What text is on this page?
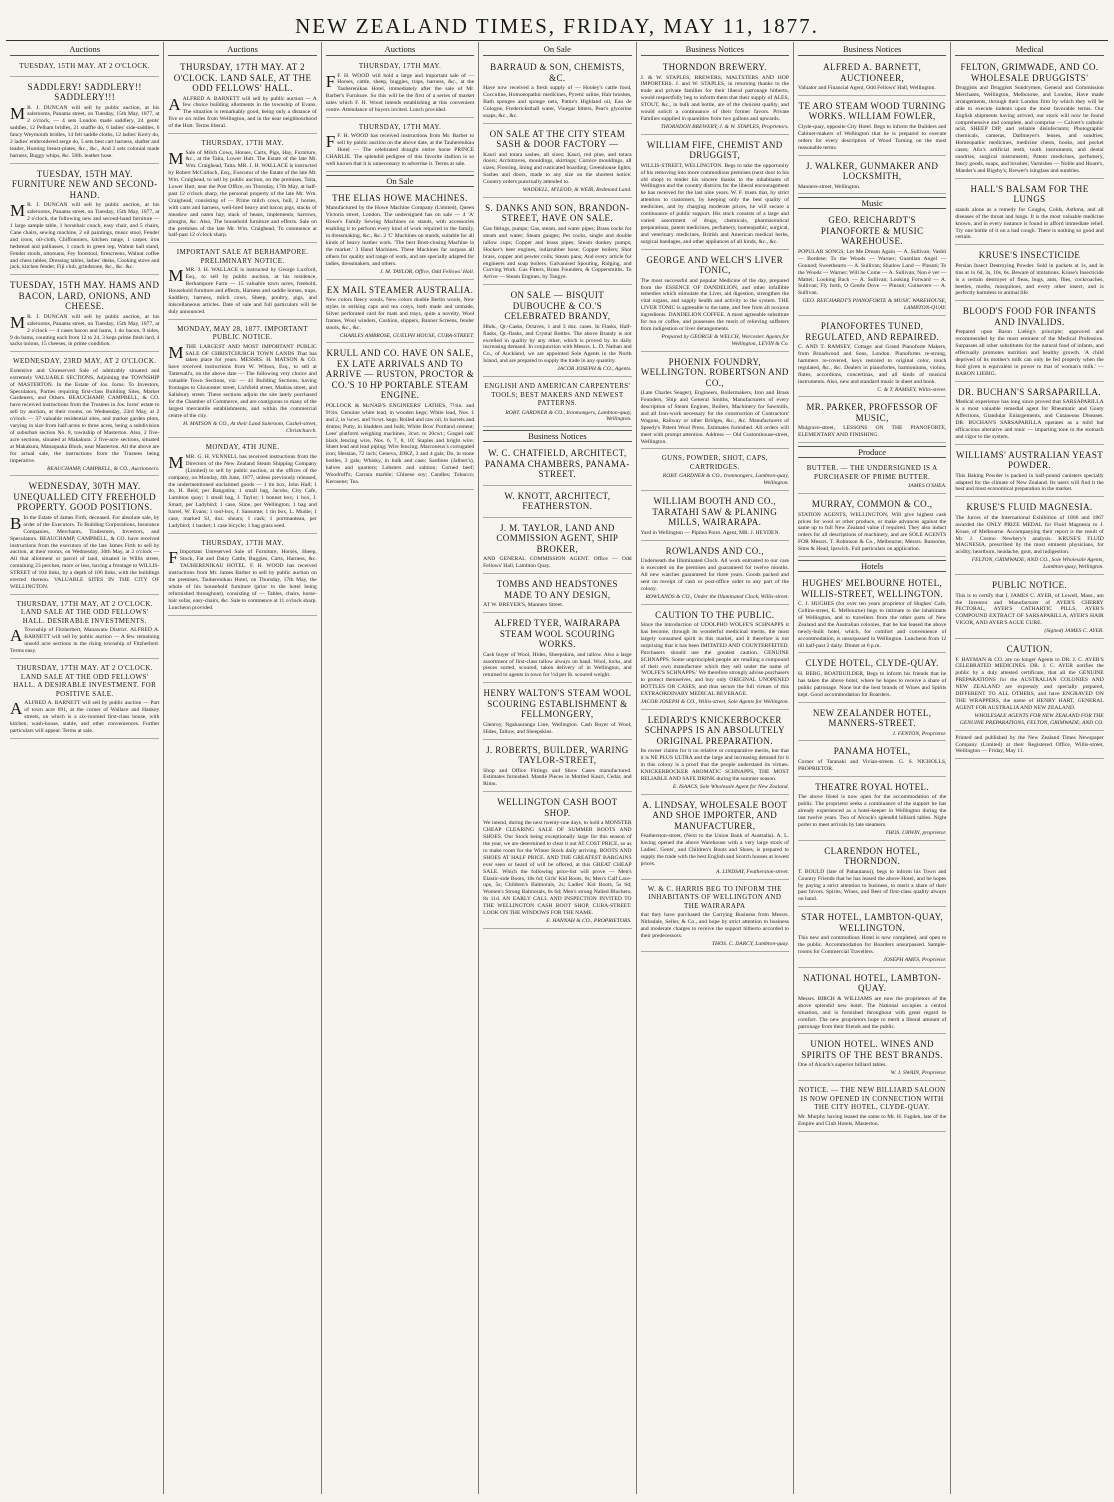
NEW ZEALAND TIMES, FRIDAY, MAY 11, 1877.
Auctions
TUESDAY, 15TH MAY. AT 2 O'CLOCK.
SADDLERY! SADDLERY!! SADDLERY!!!
M R. J. DUNCAN will sell by public auction, at his salerooms, Panama street, on Tuesday, 15th May, 1877, at 2 o'clock, — 4 sets London made saddlery, 24 gents' saddles, 12 Pelham bridles, 21 snaffle do, 6 ladies' side-saddles, 6 fancy Weymouth bridles, 14 felt saddle cloths, 12 ladies' Kerry do, 2 ladies' embroidered serge do, 5 sets best cart harness, shafter and leader, Hunting breast-plates, &c., &c., And 2 sets colonial made harness, Buggy whips, &c. 50lb. leather hose.
TUESDAY, 15TH MAY. FURNITURE NEW AND SECOND-HAND.
M R. J. DUNCAN will sell by public auction, at his salerooms, Panama street, on Tuesday, 15th May, 1877, at 2 o'clock, the following new and second-hand furniture — 1 large sample table, 1 horsehair couch, easy chair, and 5 chairs, Cane chairs, sewing machine, 2 oil paintings, music stool, Fender and irons, oil-cloth, Chiffonniers, kitchen range, 1 carpet, iron bedstead and palliasses, 1 couch in green rep, Walnut hall stand, Fender stools, ottomans, Fey footstool, firescreens, Walnut coffee and chess tables, Dressing tables, ladies' desks, Cooking stove and jack, kitchen fender, Fiji club, grindstone, &c., &c. &c.
TUESDAY, 15TH MAY. HAMS AND BACON, LARD, ONIONS, AND CHEESE.
M R. J. DUNCAN will sell by public auction, at his salerooms, Panama street, on Tuesday, 15th May, 1877, at 2 o'clock — 4 cases bacon and hams, 1 do bacon, 9 sides, 9 do hams, counting each from 12 to 24, 3 kegs prime fresh lard, 4 sacks onions, 15 cheeses, in prime condition.
WEDNESDAY, 23RD MAY, AT 2 O'CLOCK.
Extensive and Unreserved Sale of admirably situated and extremely VALUABLE SECTIONS, Adjoining the TOWNSHIP of MASTERTON. In the Estate of Jos. Iorns. To Investors, Speculators, Parties requiring first-class Building Sites, Market Gardeners, and Others. BEAUCHAMP, CAMPBELL, & CO. have received instructions from the Trustees in Jos. Iorns' estate to sell by auction, at their rooms, on Wednesday, 23rd May, at 2 o'clock — 37 valuable residential sites, and market garden plots, varying in size from half-acres to three acres, being a subdivision of suburban section No. 8, township of Masterton. Also, 2 five-acre sections, situated at Makakura. 2 five-acre sections, situated at Makakura, Manaquaka Block, near Masterton. All the above are for actual sale, the instructions from the Trustees being imperative.
BEAUCHAMP, CAMPBELL, & CO., Auctioneers.
WEDNESDAY, 30TH MAY. UNEQUALLED CITY FREEHOLD PROPERTY. GOOD POSITIONS.
B In the Estate of James Firth, deceased. For absolute sale, by order of the Executors. To Building Corporations, Insurance Companies, Merchants, Tradesmen, Investors, and Speculators. BEAUCHAMP, CAMPBELL, & CO. have received instructions from the executors of the late James Firth to sell by auction, at their rooms, on Wednesday, 30th May, at 2 o'clock — All that allotment or parcel of land, situated in Willis street, containing 23 perches, more or less, having a frontage to WILLIS-STREET of 104 links, by a depth of 106 links, with the buildings erected thereon. VALUABLE SITES IN THE CITY OF WELLINGTON.
THURSDAY, 17TH MAY, AT 2 O'CLOCK. LAND SALE AT THE ODD FELLOWS' HALL. DESIRABLE INVESTMENTS.
A Township of Fitzherbert, Manawatu District. ALFRED A. BARNETT will sell by public auction — A few remaining unsold acre sections in the rising township of Fitzherbert. Terms easy.
THURSDAY, 17TH MAY. AT 2 O'CLOCK. LAND SALE AT THE ODD FELLOWS' HALL. A DESIRABLE INVESTMENT. FOR POSITIVE SALE.
A ALFRED A. BARNETT will sell by public auction — Part of town acre 691, at the corner of Wallace and Hankey streets, on which is a six-roomed first-class house, with kitchen, wash-house, stable, and other conveniences. Further particulars will appear. Terms at sale.
Auctions
THURSDAY, 17TH MAY. AT 2 O'CLOCK. LAND SALE, AT THE ODD FELLOWS' HALL.
A ALFRED A. BARNETT will sell by public auction — A few choice building allotments in the township of Evans. The situation is remarkably good, being only a distance of five or six miles from Wellington, and in the near neighbourhood of the Hutt. Terms liberal.
THURSDAY, 17TH MAY.
M Sale of Milch Cows, Horses, Carts, Pigs, Hay, Furniture, &c., at the Taita, Lower Hutt. The Estate of the late Mr. Wm. Craighead, Taita. MR. J. H. WALLACE is instructed by Robert McCulloch, Esq., Executor of the Estate of the late Mr. Wm. Craighead, to sell by public auction, on the premises, Taita, Lower Hutt, near the Post Office, on Thursday, 17th May, at half-past 12 o'clock sharp, the personal property of the late Mr. Wm. Craighead, consisting of — Prime milch cows, bull, 2 horses, with carts and harness, well-bred heavy and bacon pigs, stacks of meadow and oaten hay, stack of beans, implements, harrows, ploughs, &c. Also, The household furniture and effects. Sale on the premises of the late Mr. Wm. Craighead, To commence at half-past 12 o'clock sharp.
IMPORTANT SALE AT BERHAMPORE. PRELIMINARY NOTICE.
M MR. J. H. WALLACE is instructed by George Luxford, Esq., to sell by public auction, at his residence, Berhampore Farm — 15 valuable town acres, freehold, Household furniture and effects, Harness and saddle horses, traps, Saddlery, harness, milch cows, Sheep, poultry, pigs, and miscellaneous articles. Date of sale and full particulars will be duly announced.
MONDAY, MAY 28, 1877. IMPORTANT PUBLIC NOTICE.
M THE LARGEST AND MOST IMPORTANT PUBLIC SALE OF CHRISTCHURCH TOWN LANDS That has taken place for years. MESSRS. H. MATSON & CO. have received instructions from W. Wilson, Esq., to sell at Tattersall's, on the above date — The following very choice and valuable Town Sections, viz: — 41 Building Sections, having frontages to Gloucester street, Lichfield street, Madras street, and Salisbury street. These sections adjoin the site lately purchased for the Chamber of Commerce, and are contiguous to many of the largest mercantile establishments, and within the commercial centre of the city.
H. MATSON & CO., At their Land Saleroom, Cashel-street, Christchurch.
MONDAY, 4TH JUNE.
M MR. G. H. VENNELL has received instructions from the Directors of the New Zealand Steam Shipping Company (Limited) to sell by public auction, at the offices of the company, on Monday, 4th June, 1877, unless previously released, the undermentioned unclaimed goods — 1 tin box, John Hall; 1 do, H. Reid, per Rangatira; 1 small bag, Jacobs, City Cafe, Lambton quay; 1 small bag, J. Taylor; 1 bonnet box; 1 box, J. Smart, per Ladybird; 1 case, Sime, per Wellington; 1 bag and barrel, W. Evans; 1 tool-box, J. Sansome; 1 tin box, L. Mudie; 1 case, marked SJ, doz. shears; 1 cask; 1 portmanteau, per Ladybird; 1 basket; 1 case bicycle; 1 bag grass seed.
THURSDAY, 17TH MAY.
F Important Unreserved Sale of Furniture, Horses, Sheep, Stock, Fat and Dairy Cattle, Buggies, Carts, Harness, &c. TAUHERENIKAU HOTEL. F. H. WOOD has received instructions from Mr. James Barber to sell by public auction on the premises, Tauherenikau Hotel, on Thursday, 17th May, the whole of his household furniture (prior to the hotel being refurnished throughout), consisting of — Tables, chairs, horse-hair sofas, easy-chairs, &c. Sale to commence at 11 o'clock sharp. Luncheon provided.
Auctions
THURSDAY, 17TH MAY.
F F. H. WOOD will hold a large and important sale of — Horses, cattle, sheep, buggies, traps, harness, &c., at the Tauherenikau Hotel, immediately after the sale of Mr. Barber's Furniture. So this will be the first of a series of market sales which F. H. Wood intends establishing at this convenient centre. Attendance of buyers invited. Lunch provided.
THURSDAY, 17TH MAY.
F F. H. WOOD has received instructions from Mr. Barber to sell by public auction on the above date, at the Tauherenikau Hotel — The celebrated draught entire horse PRINCE CHARLIE. The splendid pedigree of this favorite stallion is so well known that it is unnecessary to advertise it. Terms at sale.
On Sale
THE ELIAS HOWE MACHINES.
Manufactured by the Howe Machine Company (Limited), Queen Victoria street, London. The undersigned has on sale — 4 'A' Howe's Family Sewing Machines on stands, with accessories enabling it to perform every kind of work required in the family, in dressmaking, &c., &c. 2 'C' Machines on stands, suitable for all kinds of heavy leather work. 'The best Boot-closing Machine in the market.' 3 Hand Machines. These Machines far surpass all others for quality and range of work, and are specially adapted for ladies, dressmakers, and others.
J. M. TAYLOR, Office, Odd Fellows' Hall.
EX MAIL STEAMER AUSTRALIA.
New colors fleecy wools, New colors double Berlin wools, New styles in striking caps and tea cosys, both made and unmade, Silver perforated card for mats and trays, quite a novelty, Wool frames, Wool winders, Cushion, slippers, Banner Screens, fender stools, &c., &c.
CHARLES AMBROSE, GUELPH HOUSE, CUBA-STREET.
KRULL AND CO. HAVE ON SALE, EX LATE ARRIVALS AND TO ARRIVE — RUSTON, PROCTOR & CO.'S 10 HP PORTABLE STEAM ENGINE.
POLLOCK & McNAB'S ENGINEERS' LATHES, 7½in. and 9½in. Genuine white lead, in wooden kegs; White lead, Nos. 1 and 2, in ¼cwt. and ½cwt. kegs; Boiled and raw oil, in barrels and drums; Putty, in bladders and bulk; White Bros' Portland cement; Lees' platform weighing machines, 3cwt. to 20cwt.; Gospel oak' black fencing wire, Nos. 6, 7, 8, 10; Staples and bright wire; Sheet lead and lead piping; Wire fencing; Marconeux's corrugated iron; Hessian, 72 inch; Geneva, JDKZ, 3 and 4 gals; Do, in stone bottles, 2 gals; Whisky, in bulk and case; Sardines (Jalbert's), halves and quarters; Lobsters and salmon; Corned beef; Woodruff's; Carrara marble; Chinese soy; Candles; Tobacco; Kerosene; Tea.
On Sale
BARRAUD & SON, CHEMISTS, &C.
Have now received a fresh supply of — Hooley's cattle food, Cocculine, Homoeopathic medicines, Pyretic saline, Hair brushes, Bath sponges and sponge nets, Pattie's Highland oil, Eau de Cologne, Fredericksthall water, Vinegar bitters, Pear's glycerine soaps, &c., &c.
ON SALE AT THE CITY STEAM SASH & DOOR FACTORY —
Kauri and totara sashes, all sizes; Kauri, red pine, and totara doors; Architraves, mouldings, skirtings; Cornice mouldings, all sizes; Flooring, lining and rusticated boarding; Greenhouse lights; Sashes and doors, made to any size on the shortest notice. Country orders punctually attended to.
WADDELL, M'LEOD, & WEIR, Redmond Land.
S. DANKS AND SON, BRANDON-STREET, HAVE ON SALE.
Gas fittings, pumps; Gas, steam, and water pipes; Brass cocks for steam and water; Steam gauges; Pet cocks, single and double tallow cups; Copper and brass pipes; Steam donkey pumps; Hocker's beer engines, indiarubber hose; Copper boilers; Shot brass, copper and pewter coils; Steam pans; And every article for engineers and soap boilers. Galvanised Spouting, Ridging, and Curving Work. Gas Fitters, Brass Founders, & Coppersmiths. To Arrive — Steam Engines, by Tangye.
ON SALE — BISQUIT DUBOUCHE & CO.'S CELEBRATED BRANDY,
Hhds., Qr.-Casks, Octaves, 1 and 3 doz. cases. In Flasks, Half-flasks, Qr.-flasks, and Crystal Bottles. The above Brandy is not excelled in quality by any other, which is proved by its daily increasing demand. In conjunction with Messrs. L. D. Nathan and Co., of Auckland, we are appointed Sole Agents in the North Island, and are prepared to supply the trade in any quantity.
JACOB JOSEPH & CO., Agents.
ENGLISH AND AMERICAN CARPENTERS' TOOLS; BEST MAKERS AND NEWEST PATTERNS.
ROBT. GARDNER & CO., Ironmongers, Lambton-quay, Wellington.
Business Notices
W. C. CHATFIELD, ARCHITECT, PANAMA CHAMBERS, PANAMA-STREET.
W. KNOTT, ARCHITECT, FEATHERSTON.
J. M. TAYLOR, LAND AND COMMISSION AGENT, SHIP BROKER,
AND GENERAL COMMISSION AGENT. Office — Odd Fellows' Hall, Lambton Quay.
TOMBS AND HEADSTONES MADE TO ANY DESIGN,
AT W. BREYER'S, Manners Street.
ALFRED TYER, WAIRARAPA STEAM WOOL SCOURING WORKS.
Cash buyer of Wool, Hides, Sheepskins, and tallow. Also a large assortment of first-class tallow always on hand. Wool, locks, and pieces sorted, scoured, taken delivery of in Wellington, and returned to agents in town for ½d per lb. scoured weight.
HENRY WALTON'S STEAM WOOL SCOURING ESTABLISHMENT & FELLMONGERY,
Glenroy, Ngahauranga Line, Wellington. Cash Buyer of Wool, Hides, Tallow, and Sheepskins.
J. ROBERTS, BUILDER, WARING TAYLOR-STREET,
Shop and Office Fittings and Show Cases manufactured. Estimates furnished. Mantle Pieces in Mottled Kauri, Cedar, and Rimu.
WELLINGTON CASH BOOT SHOP.
We intend, during the next twenty-one days, to hold a MONSTER CHEAP CLEARING SALE OF SUMMER BOOTS AND SHOES. Our Stock being exceptionally large for this season of the year, we are determined to clear it out AT COST PRICE, so as to make room for the Winter Stock daily arriving. BOOTS AND SHOES AT HALF PRICE. AND THE GREATEST BARGAINS ever seen or heard of will be offered, at this GREAT CHEAP SALE. Which the following price-list will prove — Men's Elastic-side Boots, 10s 6d; Girls' Kid Boots, 6s; Men's Calf Lace-ups, 5s; Children's Balmorals, 2s; Ladies' Kid Boots, 5s 6d; Women's Strong Balmorals, 6s 6d; Men's strong Nailed Bluchers, 8s 11d. AN EARLY CALL AND INSPECTION INVITED TO THE WELLINGTON CASH BOOT SHOP, CUBA-STREET. LOOK ON THE WINDOWS FOR THE NAME.
E. HANNAH & CO., PROPRIETORS.
Business Notices
THORNDON BREWERY.
J. & W. STAPLES, BREWERS, MALTSTERS AND HOP IMPORTERS. J. and W. STAPLES, in returning thanks to the trade and private families for their liberal patronage hitherto, would respectfully beg to inform them that their supply of ALES, STOUT, &c., in bulk and bottle, are of the choicest quality, and would solicit a continuance of their former favors. Private Families supplied in quantities from two gallons and upwards.
THORNDON BREWERY, J. & W. STAPLES, Proprietors.
WILLIAM FIFE, CHEMIST AND DRUGGIST,
WILLIS-STREET, WELLINGTON. Begs to take the opportunity of his removing into more commodious premises (next door to his old shop) to tender his sincere thanks to the inhabitants of Wellington and the country districts for the liberal encouragement he has received for the last nine years. W. F. trusts that, by strict attention to customers, by keeping only the best quality of medicines, and by charging moderate prices, he will secure a continuance of public support. His stock consists of a large and varied assortment of drugs, chemicals, pharmaceutical preparations, patent medicines, perfumery, homeopathic, surgical, and veterinary medicines, British and American medical herbs, surgical bandages, and other appliances of all kinds, &c., &c.
GEORGE AND WELCH'S LIVER TONIC,
The most successful and popular Medicine of the day, prepared from the ESSENCE OF DANDELION, and other infallible remedies which stimulate the Liver, aid digestion, strengthen the vital organs, and supply health and activity to the system. THE LIVER TONIC is agreeable to the taste, and free from all noxious ingredients. DANDELION COFFEE. A most agreeable substitute for tea or coffee, and possesses the merit of relieving sufferers from indigestion or liver derangements.
Prepared by GEORGE & WELCH, Worcester. Agents for Wellington, LEVIN & Co.
PHOENIX FOUNDRY, WELLINGTON. ROBERTSON AND CO.,
(Late Charles Seager), Engineers, Boilermakers, Iron and Brass Founders, Ship and General Smiths, Manufacturers of every description of Steam Engines, Boilers, Machinery for Sawmills, and all Iron-work necessary for the construction of Contractors' Wagons, Railway or other Bridges, &c., &c. Manufacturers of Speedy's Patent Wool Press. Estimates furnished. All orders will meet with prompt attention. Address — Old Customhouse-street, Wellington.
GUNS, POWDER, SHOT, CAPS, CARTRIDGES.
ROBT. GARDNER & CO., Ironmongers, Lambton-quay, Wellington.
WILLIAM BOOTH AND CO., TARATAHI SAW & PLANING MILLS, WAIRARAPA.
Yard in Wellington — Pipitea Point. Agent, MR. J. HEYDEN.
ROWLANDS AND CO.,
Underneath the Illuminated Clock. All work entrusted to our care is executed on the premises and guaranteed for twelve months. All new watches guaranteed for three years. Goods packed and sent on receipt of cash or post-office order to any part of the colony.
ROWLANDS & CO., Under the Illuminated Clock, Willis-street.
CAUTION TO THE PUBLIC.
Since the introduction of UDOLPHO WOLFE'S SCHNAPPS it has become, through its wonderful medicinal merits, the most largely consumed spirit in this market, and it therefore is not surprising that it has been IMITATED AND COUNTERFEITED. Purchasers should use the greatest caution. GENUINE SCHNAPPS. Some unprincipled people are retailing a compound of their own manufacture which they sell under the name of 'WOLFE'S SCHNAPPS.' We therefore strongly advise purchasers to protect themselves, and buy only ORIGINAL UNOPENED BOTTLES OR CASES, and thus secure the full virtues of this EXTRAORDINARY MEDICAL BEVERAGE.
JACOB JOSEPH & CO., Willis-street, Sole Agents for Wellington.
LEDIARD'S KNICKERBOCKER SCHNAPPS IS AN ABSOLUTELY ORIGINAL PREPARATION.
Its owner claims for it no relative or comparative merits, but that it is NE PLUS ULTRA and the large and increasing demand for it in this colony is a proof that the people understand its virtues. KNICKERBOCKER AROMATIC SCHNAPPS, THE MOST RELIABLE AND SAFE DRINK during the summer season.
E. ISAACS, Sole Wholesale Agent for New Zealand.
A. LINDSAY, WHOLESALE BOOT AND SHOE IMPORTER, AND MANUFACTURER,
Featherston-street, (Next to the Union Bank of Australia). A. L. having opened the above Warehouse with a very large stock of Ladies', Gents', and Children's Boots and Shoes, is prepared to supply the trade with the best English and Scotch houses at lowest prices.
A. LINDSAY, Featherston-street.
W. & C. HARRIS BEG TO INFORM THE INHABITANTS OF WELLINGTON AND THE WAIRARAPA
that they have purchased the Carrying Business from Messrs. Nithsdale, Seller, & Co., and hope by strict attention to business and moderate charges to receive the support hitherto accorded to their predecessors.
THOS. C. DARCY, Lambton-quay.
Business Notices
ALFRED A. BARNETT, AUCTIONEER,
Valuator and Financial Agent, Odd Fellows' Hall, Wellington.
TE ARO STEAM WOOD TURNING WORKS. WILLIAM FOWLER,
Clyde-quay, opposite City Hotel. Begs to inform the Builders and Cabinet-makers of Wellington that he is prepared to execute orders for every description of Wood Turning on the most reasonable terms.
J. WALKER, GUNMAKER AND LOCKSMITH,
Manners-street, Wellington.
Music
GEO. REICHARDT'S PIANOFORTE & MUSIC WAREHOUSE.
POPULAR SONGS: Let Me Dream Again — A. Sullivan; Vashti — Bordese; To the Woods — Warner; Guardian Angel — Gounod; Sweethearts — A. Sullivan; Shadow Land — Pinsuti; To the Woods — Warner; Will he Come — A. Sullivan; Non è ver — Mattei; Looking Back — A. Sullivan; Looking Forward — A. Sullivan; Fly forth, O Gentle Dove — Pinsuti; Guinevere — A. Sullivan.
GEO. REICHARDT'S PIANOFORTE & MUSIC WAREHOUSE, LAMBTON-QUAY.
PIANOFORTES TUNED, REGULATED, AND REPAIRED.
C. AND T. RAMSEY, Cottage and Grand Pianoforte Makers, from Broadwood and Sons, London. Pianofortes re-strung, hammers re-covered, keys restored to original color, touch regulated, &c., &c. Dealers in pianofortes, harmoniums, violins, flutes, accordions, concertinas, and all kinds of musical instruments. Also, new and standard music in sheet and book.
C. & T. RAMSEY, Willis-street.
MR. PARKER, PROFESSOR OF MUSIC,
Mulgrave-street, LESSONS ON THE PIANOFORTE, ELEMENTARY AND FINISHING.
Produce
BUTTER. — THE UNDERSIGNED IS A PURCHASER OF PRIME BUTTER.
JAMES O'SHEA.
MURRAY, COMMON & CO.,
STATION AGENTS, WELLINGTON, Will give highest cash prices for wool or other produce, or make advances against the same up to full New Zealand value if required. They also induct orders for all descriptions of machinery, and are SOLE AGENTS FOR Messrs. T. Robinson & Co., Melbourne; Messrs. Ransome, Sims & Head, Ipswich. Full particulars on application.
Hotels
HUGHES' MELBOURNE HOTEL, WILLIS-STREET, WELLINGTON.
C. J. HUGHES (for over ten years proprietor of Hughes' Cafe, Collins-street, E. Melbourne) begs to intimate to the inhabitants of Wellington, and to travellers from the other parts of New Zealand and the Australian colonies, that he has leased the above newly-built hotel, which, for comfort and convenience of accommodation, is unsurpassed in Wellington. Luncheon from 12 till half-past 2 daily. Dinner at 6 p.m.
CLYDE HOTEL, CLYDE-QUAY.
H. BERG, BOATBUILDER, Begs to inform his friends that he has taken the above hotel, where he hopes to receive a share of public patronage. None but the best brands of Wines and Spirits kept. Good accommodation for Boarders.
NEW ZEALANDER HOTEL, MANNERS-STREET.
J. FENTON, Proprietor.
PANAMA HOTEL,
Corner of Taranaki and Vivian-streets. G. S. NICHOLLS, PROPRIETOR.
THEATRE ROYAL HOTEL.
The above Hotel is now open for the accommodation of the public. The proprietor seeks a continuance of the support he has already experienced as a hotel-keeper in Wellington during the last twelve years. Two of Alcock's splendid billiard tables. Night porter to meet arrivals by late steamers.
THOS. URWIN, proprietor.
CLARENDON HOTEL, THORNDON.
T. BOULD (late of Pahautanui), begs to inform his Town and Country Friends that he has leased the above Hotel, and he hopes by paying a strict attention to business, to merit a share of their past favors. Spirits, Wines, and Beer of first-class quality always on hand.
STAR HOTEL, LAMBTON-QUAY, WELLINGTON.
This new and commodious Hotel is now completed, and open to the public. Accommodation for Boarders unsurpassed. Sample-rooms for Commercial Travellers.
JOSEPH AMES, Proprietor.
NATIONAL HOTEL, LAMBTON-QUAY.
Messrs. BIRCH & WILLIAMS are now the proprietors of the above splendid new hotel. The National occupies a central situation, and is furnished throughout with great regard to comfort. The new proprietors hope to merit a liberal amount of patronage from their friends and the public.
UNION HOTEL. WINES AND SPIRITS OF THE BEST BRANDS.
One of Alcock's superior billiard tables.
W. J. SWAIN, Proprietor.
NOTICE. — THE NEW BILLIARD SALOON IS NOW OPENED IN CONNECTION WITH THE CITY HOTEL, CLYDE-QUAY.
Mr. Murphy having leased the same to Mr. H. Fagden, late of the Empire and Club Hotels, Masterton.
Medical
FELTON, GRIMWADE, AND CO. WHOLESALE DRUGGISTS'
Druggists and Druggists Sundrymen, General and Commission Merchants, Wellington, Melbourne, and London, Have made arrangements, through their London firm by which they will be able to execute indents upon the most favorable terms. Our English shipments having arrived, our stock will now be found comprehensive and complete, and comprise — Calvert's carbolic acid, SHEEP DIP, and reliable disinfectants; Photographic chemicals, cameras, Dallmeyer's lenses, and sundries; Homeopathic medicines, medicine chests, books, and pocket cases; Alix's artificial teeth, tooth instruments, and dental sundries, surgical instruments; Patent medicines, perfumery, fancy goods, soaps, and brushes; Varnishes — Noble and Hoare's, Mander's and Bigsby's; Brewer's isinglass and sundries.
HALL'S BALSAM FOR THE LUNGS
stands alone as a remedy for Coughs, Colds, Asthma, and all diseases of the throat and lungs. It is the most valuable medicine known, and in every instance is found to afford immediate relief. Try one bottle of it on a bad cough. There is nothing so good and certain.
KRUSE'S INSECTICIDE
Persian Insect Destroying Powder. Sold in packets at 1s, and in tins at 1s 6d, 3s, 10s, 6s. Beware of imitations. Kruse's Insecticide is a certain destroyer of fleas, bugs, ants, flies, cockroaches, beetles, moths, mosquitoes, and every other insect, and is perfectly harmless to animal life.
BLOOD'S FOOD FOR INFANTS AND INVALIDS.
Prepared upon Baron Liebig's principle; approved and recommended by the most eminent of the Medical Profession. Surpasses all other substitutes for the natural food of infants, and effectually promotes nutrition and healthy growth. 'A child deprived of its mother's milk can only be fed properly when the food given is equivalent in power to that of woman's milk.' — BARON LIEBIG.
DR. BUCHAN'S SARSAPARILLA.
Medical experience has long since proved that SARSAPARILLA is a most valuable remedial agent for Rheumatic and Gouty Affections, Glandular Enlargements, and Cutaneous Diseases. DR. BUCHAN'S SARSAPARILLA operates as a mild but efficacious alterative and tonic — imparting tone to the stomach and vigor to the system.
WILLIAMS' AUSTRALIAN YEAST POWDER.
This Baking Powder is packed in half-pound canisters specially adapted for the climate of New Zealand. Its users will find it the best and most economical preparation in the market.
KRUSE'S FLUID MAGNESIA.
The Jurors of the International Exhibition of 1866 and 1867 awarded the ONLY PRIZE MEDAL for Fluid Magnesia to J. Kruse, of Melbourne. Accompanying their report is the result of Mr. J. Cosmo Newbery's analysis. KRUSE'S FLUID MAGNESIA, prescribed by the most eminent physicians, for acidity, heartburn, headache, gout, and indigestion.
FELTON, GRIMWADE, AND CO., Sole Wholesale Agents, Lambton-quay, Wellington.
PUBLIC NOTICE.
This is to certify that I, JAMES C. AYER, of Lowell, Mass., am the Inventor and Manufacturer of AYER'S CHERRY PECTORAL, AYER'S CATHARTIC PILLS, AYER'S COMPOUND EXTRACT OF SARSAPARILLA, AYER'S HAIR VIGOR, AND AYER'S AGUE CURE.
(Signed) JAMES C. AYER.
CAUTION.
F. HAYMAN & CO. are no longer Agents to DR. J. C. AYER'S CELEBRATED MEDICINES. DR. J. C. AYER notifies the public by a duly attested certificate, that all the GENUINE PREPARATIONS for the AUSTRALIAN COLONIES AND NEW ZEALAND are expressly and specially prepared, DIFFERENT TO ALL OTHERS, and have ENGRAVED ON THE WRAPPERS, the name of HENRY HART, GENERAL AGENT FOR AUSTRALIA AND NEW ZEALAND.
WHOLESALE AGENTS FOR NEW ZEALAND FOR THE GENUINE PREPARATIONS, FELTON, GRIMWADE, AND CO.
Printed and published by the New Zealand Times Newspaper Company (Limited) at their Registered Office, Willis-street, Wellington — Friday, May 11.
